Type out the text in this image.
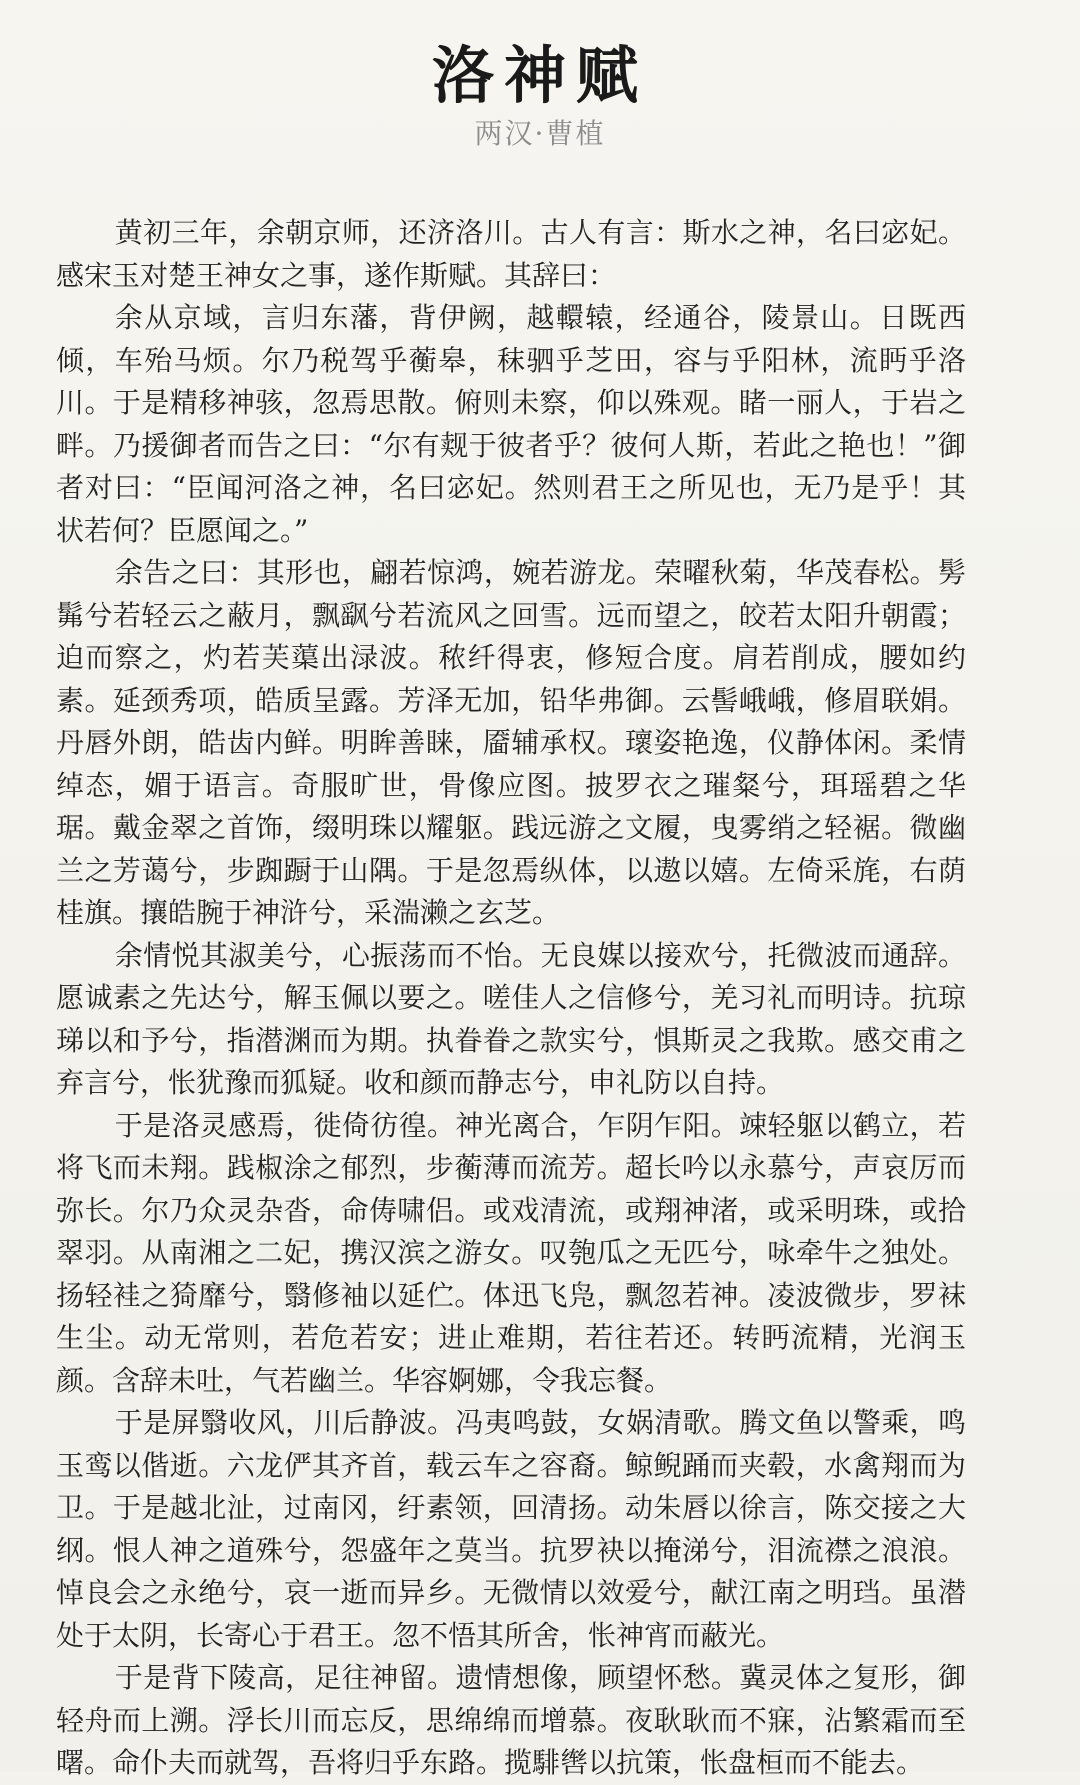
洛神赋
两汉·曹植

黄初三年，余朝京师，还济洛川。古人有言：斯水之神，名曰宓妃。感宋玉对楚王神女之事，遂作斯赋。其辞曰：

余从京域，言归东藩，背伊阙，越轘辕，经通谷，陵景山。日既西倾，车殆马烦。尔乃税驾乎蘅皋，秣驷乎芝田，容与乎阳林，流眄乎洛川。于是精移神骇，忽焉思散。俯则未察，仰以殊观。睹一丽人，于岩之畔。乃援御者而告之曰：“尔有觌于彼者乎？彼何人斯，若此之艳也！”御者对曰：“臣闻河洛之神，名曰宓妃。然则君王之所见也，无乃是乎！其状若何？臣愿闻之。”

余告之曰：其形也，翩若惊鸿，婉若游龙。荣曜秋菊，华茂春松。髣髴兮若轻云之蔽月，飘飖兮若流风之回雪。远而望之，皎若太阳升朝霞；迫而察之，灼若芙蕖出渌波。秾纤得衷，修短合度。肩若削成，腰如约素。延颈秀项，皓质呈露。芳泽无加，铅华弗御。云髻峨峨，修眉联娟。丹唇外朗，皓齿内鲜。明眸善睐，靥辅承权。瓌姿艳逸，仪静体闲。柔情绰态，媚于语言。奇服旷世，骨像应图。披罗衣之璀粲兮，珥瑶碧之华琚。戴金翠之首饰，缀明珠以耀躯。践远游之文履，曳雾绡之轻裾。微幽兰之芳蔼兮，步踟蹰于山隅。于是忽焉纵体，以遨以嬉。左倚采旄，右荫桂旗。攘皓腕于神浒兮，采湍濑之玄芝。

余情悦其淑美兮，心振荡而不怡。无良媒以接欢兮，托微波而通辞。愿诚素之先达兮，解玉佩以要之。嗟佳人之信修兮，羌习礼而明诗。抗琼珶以和予兮，指潜渊而为期。执眷眷之款实兮，惧斯灵之我欺。感交甫之弃言兮，怅犹豫而狐疑。收和颜而静志兮，申礼防以自持。

于是洛灵感焉，徙倚彷徨。神光离合，乍阴乍阳。竦轻躯以鹤立，若将飞而未翔。践椒涂之郁烈，步蘅薄而流芳。超长吟以永慕兮，声哀厉而弥长。尔乃众灵杂沓，命俦啸侣。或戏清流，或翔神渚，或采明珠，或拾翠羽。从南湘之二妃，携汉滨之游女。叹匏瓜之无匹兮，咏牵牛之独处。扬轻袿之猗靡兮，翳修袖以延伫。体迅飞凫，飘忽若神。凌波微步，罗袜生尘。动无常则，若危若安；进止难期，若往若还。转眄流精，光润玉颜。含辞未吐，气若幽兰。华容婀娜，令我忘餐。

于是屏翳收风，川后静波。冯夷鸣鼓，女娲清歌。腾文鱼以警乘，鸣玉鸾以偕逝。六龙俨其齐首，载云车之容裔。鲸鲵踊而夹毂，水禽翔而为卫。于是越北沚，过南冈，纡素领，回清扬。动朱唇以徐言，陈交接之大纲。恨人神之道殊兮，怨盛年之莫当。抗罗袂以掩涕兮，泪流襟之浪浪。悼良会之永绝兮，哀一逝而异乡。无微情以效爱兮，献江南之明珰。虽潜处于太阴，长寄心于君王。忽不悟其所舍，怅神宵而蔽光。

于是背下陵高，足往神留。遗情想像，顾望怀愁。冀灵体之复形，御轻舟而上溯。浮长川而忘反，思绵绵而增慕。夜耿耿而不寐，沾繁霜而至曙。命仆夫而就驾，吾将归乎东路。揽騑辔以抗策，怅盘桓而不能去。
